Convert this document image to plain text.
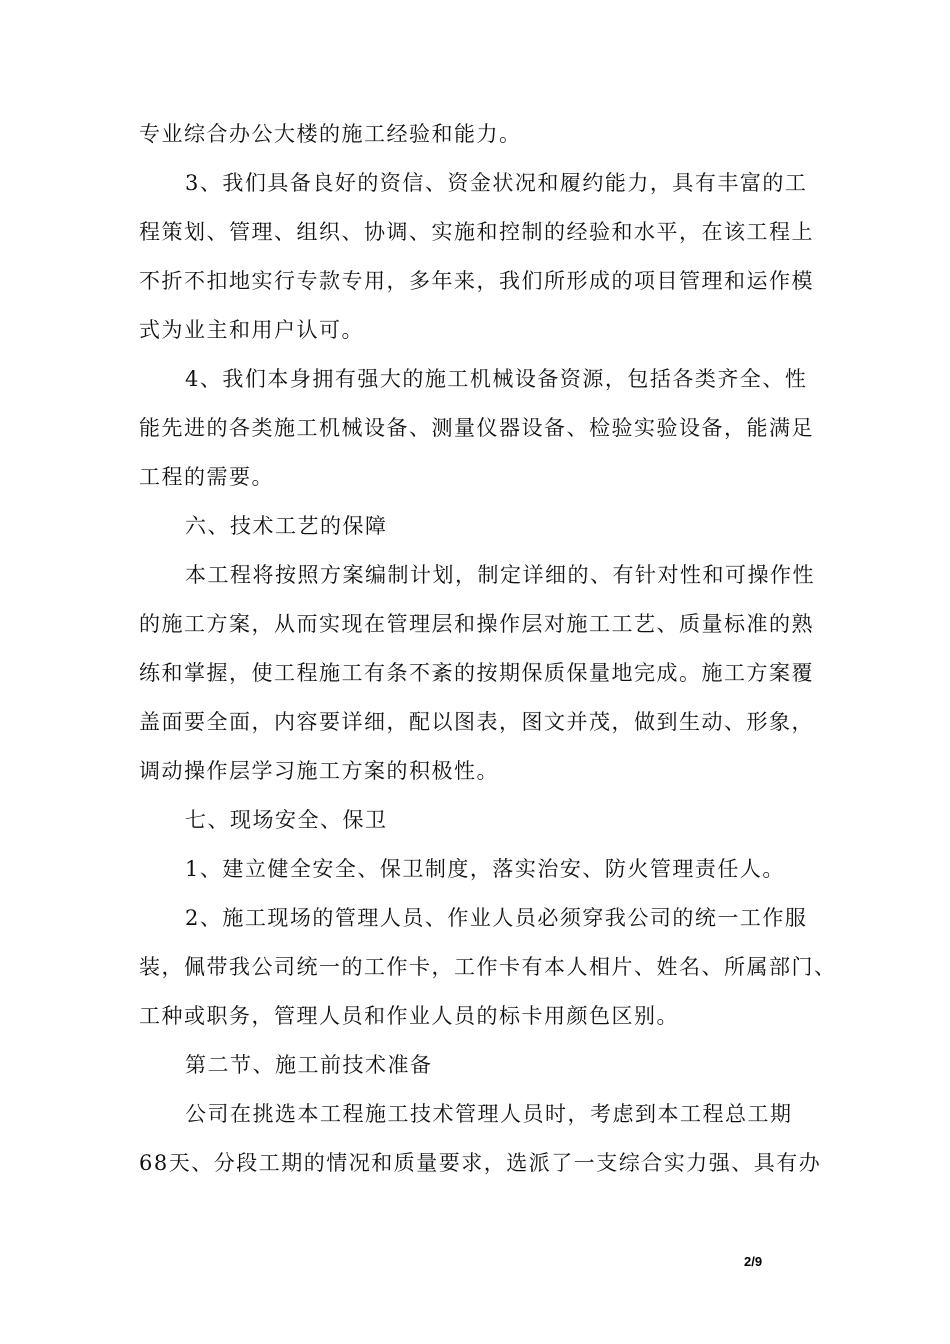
专业综合办公大楼的施工经验和能力。
3、我们具备良好的资信、资金状况和履约能力，具有丰富的工
程策划、管理、组织、协调、实施和控制的经验和水平，在该工程上
不折不扣地实行专款专用，多年来，我们所形成的项目管理和运作模
式为业主和用户认可。
4、我们本身拥有强大的施工机械设备资源，包括各类齐全、性
能先进的各类施工机械设备、测量仪器设备、检验实验设备，能满足
工程的需要。
六、技术工艺的保障
本工程将按照方案编制计划，制定详细的、有针对性和可操作性
的施工方案，从而实现在管理层和操作层对施工工艺、质量标准的熟
练和掌握，使工程施工有条不紊的按期保质保量地完成。施工方案覆
盖面要全面，内容要详细，配以图表，图文并茂，做到生动、形象，
调动操作层学习施工方案的积极性。
七、现场安全、保卫
1、建立健全安全、保卫制度，落实治安、防火管理责任人。
2、施工现场的管理人员、作业人员必须穿我公司的统一工作服
装，佩带我公司统一的工作卡，工作卡有本人相片、姓名、所属部门、
工种或职务，管理人员和作业人员的标卡用颜色区别。
第二节、施工前技术准备
公司在挑选本工程施工技术管理人员时，考虑到本工程总工期
68天、分段工期的情况和质量要求，选派了一支综合实力强、具有办
2/9
